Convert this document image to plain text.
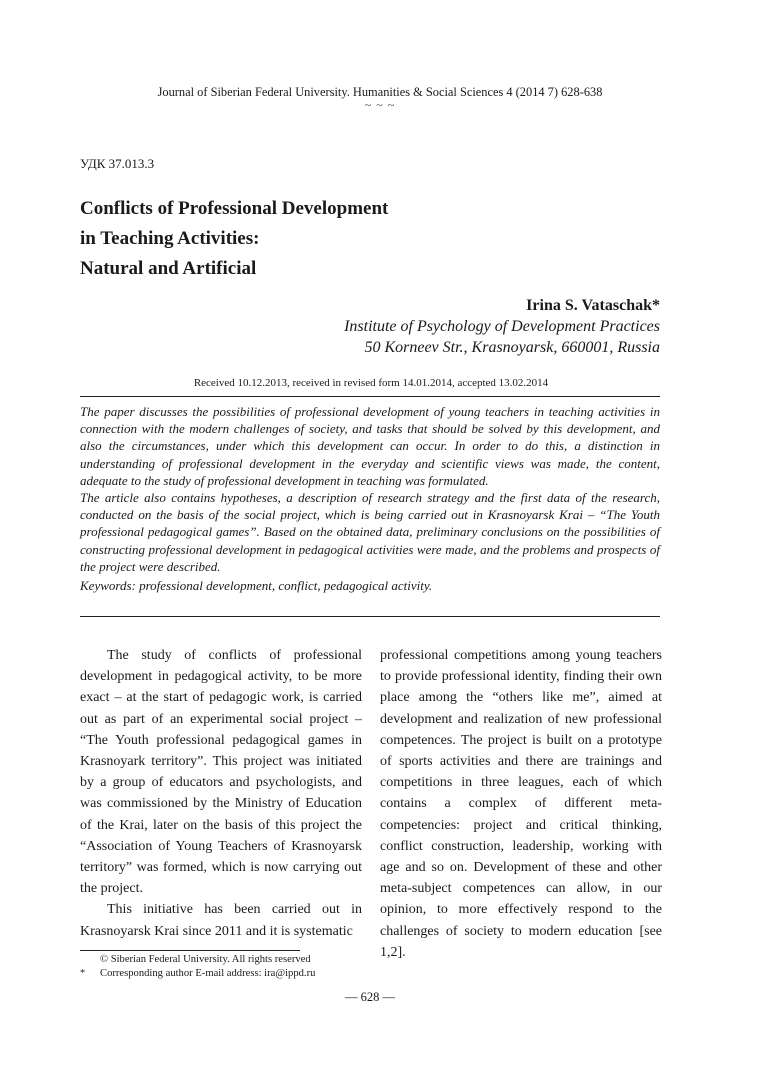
Journal of Siberian Federal University. Humanities & Social Sciences 4 (2014 7) 628-638
~ ~ ~
УДК 37.013.3
Conflicts of Professional Development
in Teaching Activities:
Natural and Artificial
Irina S. Vataschak*
Institute of Psychology of Development Practices
50 Korneev Str., Krasnoyarsk, 660001, Russia
Received 10.12.2013, received in revised form 14.01.2014, accepted 13.02.2014

The paper discusses the possibilities of professional development of young teachers in teaching activities in connection with the modern challenges of society, and tasks that should be solved by this development, and also the circumstances, under which this development can occur. In order to do this, a distinction in understanding of professional development in the everyday and scientific views was made, the content, adequate to the study of professional development in teaching was formulated.

The article also contains hypotheses, a description of research strategy and the first data of the research, conducted on the basis of the social project, which is being carried out in Krasnoyarsk Krai – “The Youth professional pedagogical games”. Based on the obtained data, preliminary conclusions on the possibilities of constructing professional development in pedagogical activities were made, and the problems and prospects of the project were described.

Keywords: professional development, conflict, pedagogical activity.

The study of conflicts of professional development in pedagogical activity, to be more exact – at the start of pedagogic work, is carried out as part of an experimental social project – “The Youth professional pedagogical games in Krasnoyark territory”. This project was initiated by a group of educators and psychologists, and was commissioned by the Ministry of Education of the Krai, later on the basis of this project the “Association of Young Teachers of Krasnoyarsk territory” was formed, which is now carrying out the project.

This initiative has been carried out in Krasnoyarsk Krai since 2011 and it is systematic

professional competitions among young teachers to provide professional identity, finding their own place among the “others like me”, aimed at development and realization of new professional competences. The project is built on a prototype of sports activities and there are trainings and competitions in three leagues, each of which contains a complex of different meta-competencies: project and critical thinking, conflict construction, leadership, working with age and so on. Development of these and other meta-subject competences can allow, in our opinion, to more effectively respond to the challenges of society to modern education [see 1,2].

© Siberian Federal University. All rights reserved
* Corresponding author E-mail address: ira@ippd.ru
— 628 —
